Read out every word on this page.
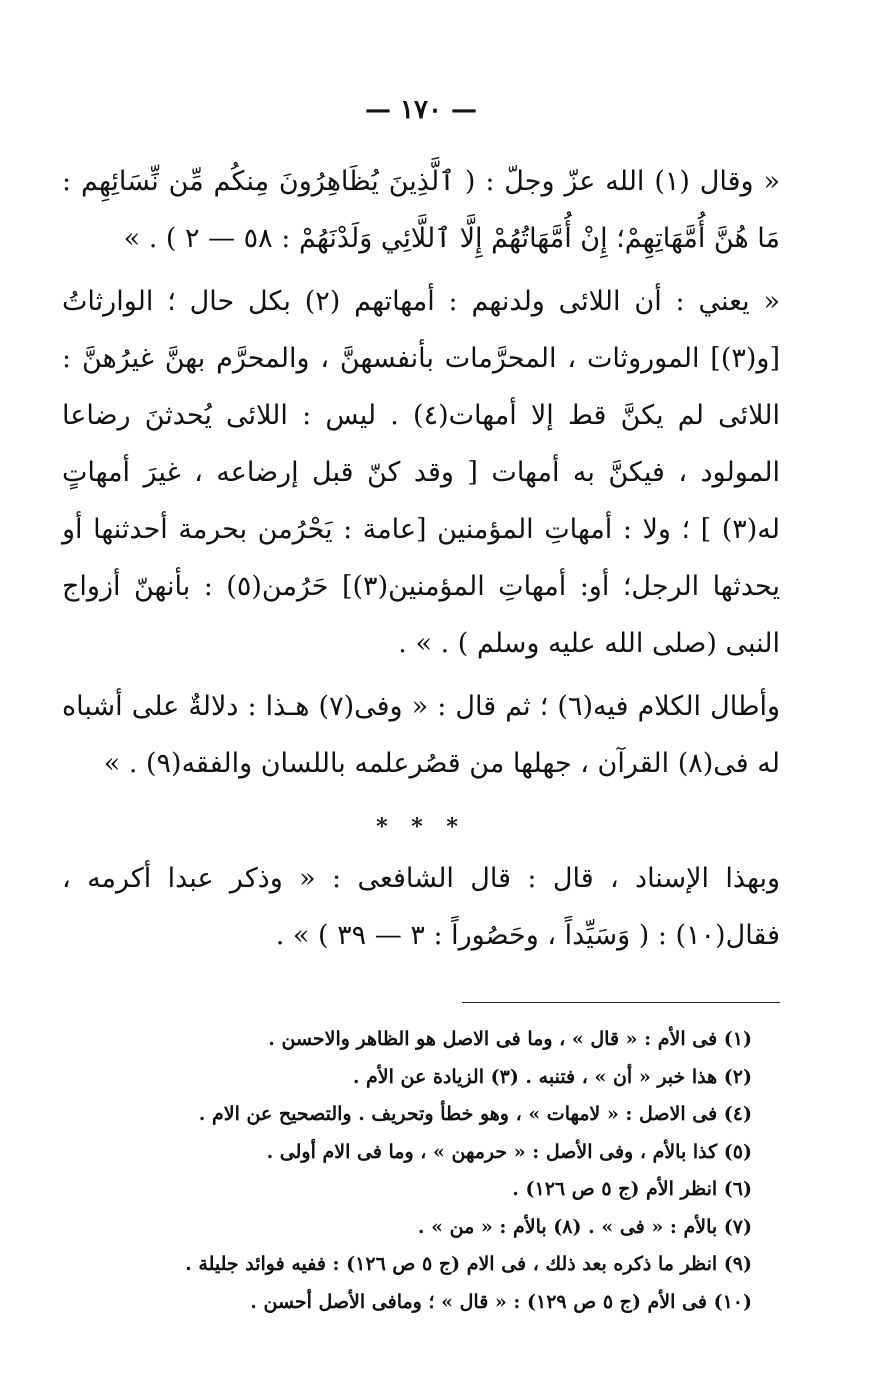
— ١٧٠ —

« وقال (١) الله عزّ وجلّ : ( ٱلَّذِينَ يُظَاهِرُونَ مِنكُم مِّن نِّسَائِهِم : مَا هُنَّ أُمَّهَاتِهِمْ؛ إِنْ أُمَّهَاتُهُمْ إِلَّا ٱللَّائِي وَلَدْنَهُمْ : ٥٨ — ٢ ) . »

« يعني : أن اللائى ولدنهم : أمهاتهم (٢) بكل حال ؛ الوارثاتُ [و(٣)] الموروثات ، المحرَّمات بأنفسهنَّ ، والمحرَّم بهنَّ غيرُهنَّ : اللائى لم يكنَّ قط إلا أمهات(٤) . ليس : اللائى يُحدثنَ رضاعا المولود ، فيكنَّ به أمهات [ وقد كنّ قبل إرضاعه ، غيرَ أمهاتٍ له(٣) ] ؛ ولا : أمهاتِ المؤمنين [عامة : يَحْرُمن بحرمة أحدثنها أو يحدثها الرجل؛ أو: أمهاتِ المؤمنين(٣)] حَرُمن(٥) : بأنهنّ أزواج النبى (صلى الله عليه وسلم ) . » .

وأطال الكلام فيه(٦) ؛ ثم قال : « وفى(٧) هـذا : دلالةٌ على أشباه له فى(٨) القرآن ، جهلها من قصُرعلمه باللسان والفقه(٩) . »

* * *

وبهذا الإسناد ، قال : قال الشافعى : « وذكر عبدا أكرمه ، فقال(١٠) : ( وَسَيِّداً ، وحَصُوراً : ٣ — ٣٩ ) » .

(١) فى الأم : « قال » ، وما فى الاصل هو الظاهر والاحسن .
(٢) هذا خبر « أن » ، فتنبه . (٣) الزيادة عن الأم .
(٤) فى الاصل : « لامهات » ، وهو خطأ وتحريف . والتصحيح عن الام .
(٥) كذا بالأم ، وفى الأصل : « حرمهن » ، وما فى الام أولى .
(٦) انظر الأم (ج ٥ ص ١٢٦) .
(٧) بالأم : « فى » . (٨) بالأم : « من » .
(٩) انظر ما ذكره بعد ذلك ، فى الام (ج ٥ ص ١٢٦) : ففيه فوائد جليلة .
(١٠) فى الأم (ج ٥ ص ١٢٩) : « قال » ؛ ومافى الأصل أحسن .
